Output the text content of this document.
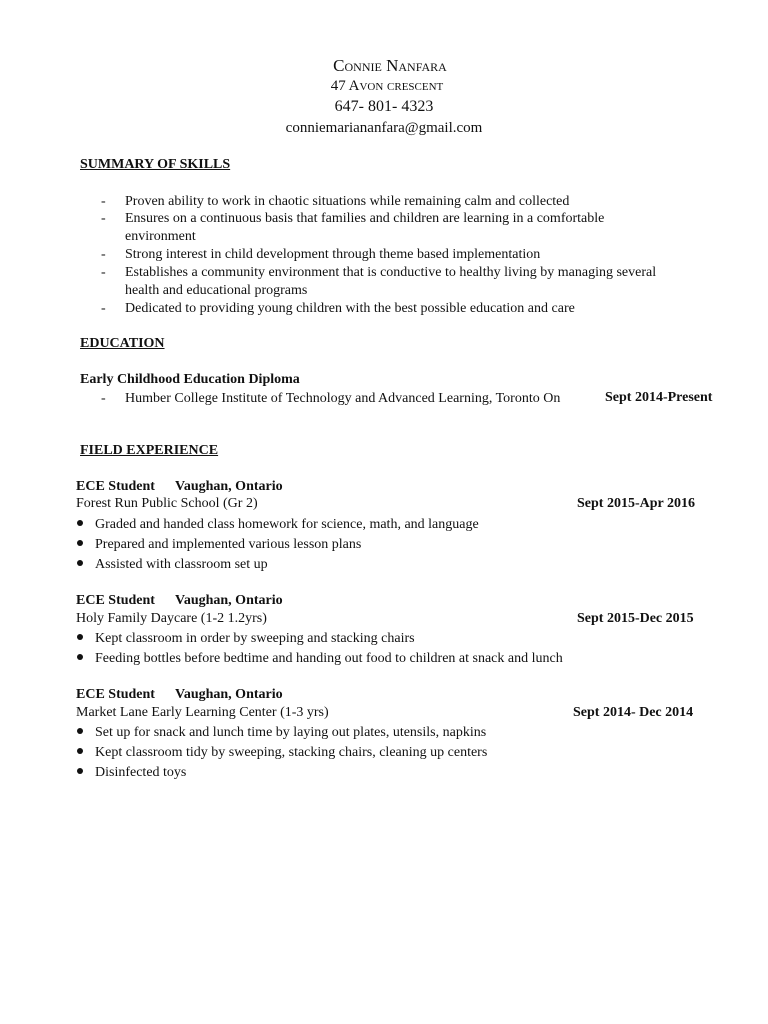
Connie Nanfara
47 Avon crescent
647- 801- 4323
conniemariananfara@gmail.com
SUMMARY OF SKILLS
- Proven ability to work in chaotic situations while remaining calm and collected
- Ensures on a continuous basis that families and children are learning in a comfortable environment
- Strong interest in child development through theme based implementation
- Establishes a community environment that is conductive to healthy living by managing several health and educational programs
- Dedicated to providing young children with the best possible education and care
EDUCATION
Early Childhood Education Diploma
- Humber College Institute of Technology and Advanced Learning, Toronto On	Sept 2014-Present
FIELD EXPERIENCE
ECE Student Vaughan, Ontario
Forest Run Public School (Gr 2)	Sept 2015-Apr 2016
Graded and handed class homework for science, math, and language
Prepared and implemented various lesson plans
Assisted with classroom set up
ECE Student Vaughan, Ontario
Holy Family Daycare (1-2 1.2yrs)	Sept 2015-Dec 2015
Kept classroom in order by sweeping and stacking chairs
Feeding bottles before bedtime and handing out food to children at snack and lunch
ECE Student Vaughan, Ontario
Market Lane Early Learning Center (1-3 yrs)	Sept 2014- Dec 2014
Set up for snack and lunch time by laying out plates, utensils, napkins
Kept classroom tidy by sweeping, stacking chairs, cleaning up centers
Disinfected toys
